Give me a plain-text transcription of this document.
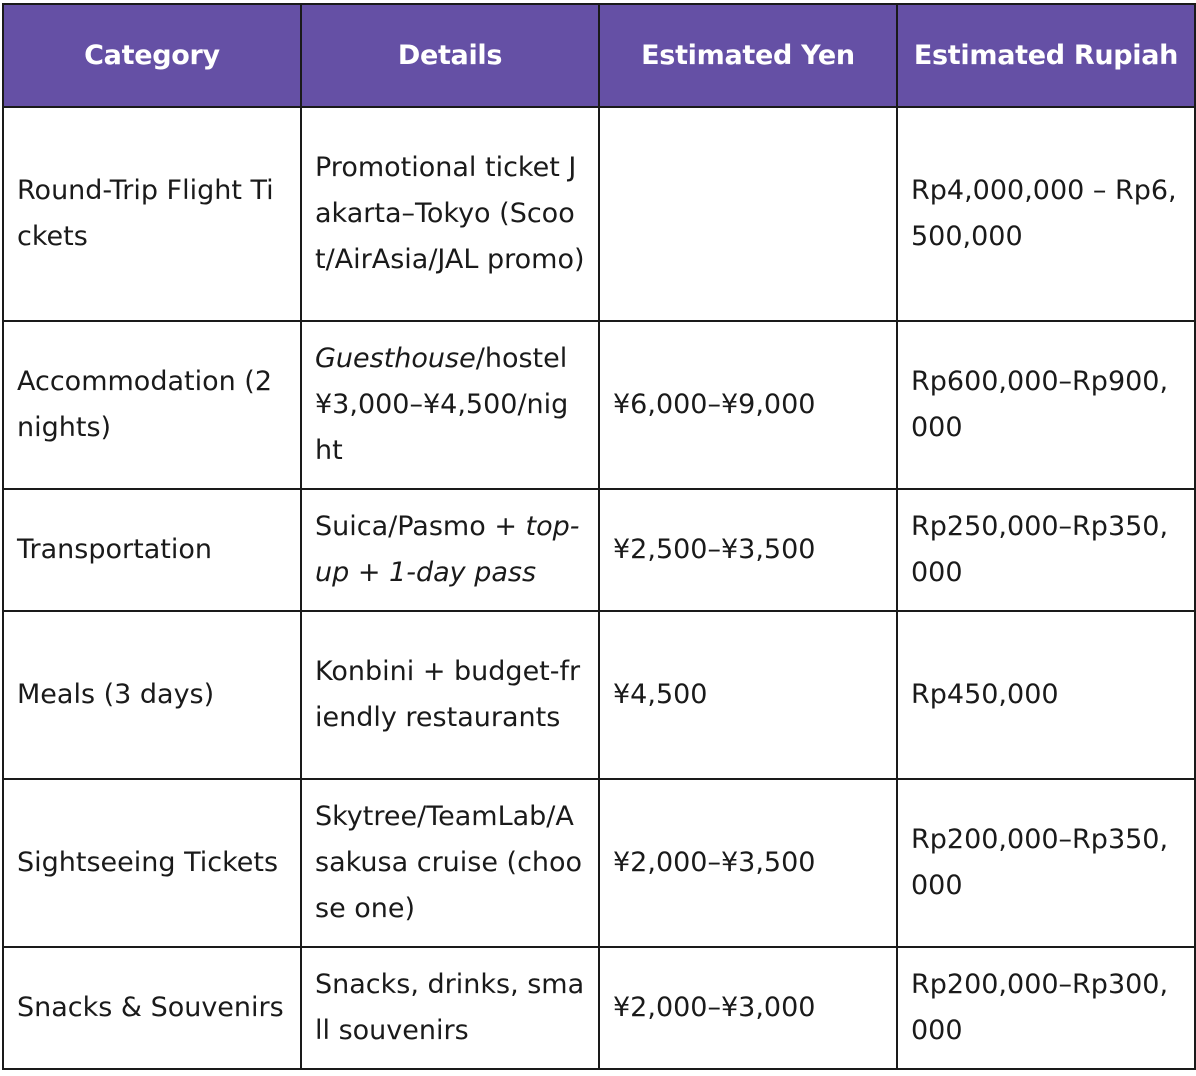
Category	Details	Estimated Yen	Estimated Rupiah
Round-Trip Flight Tickets	Promotional ticket Jakarta–Tokyo (Scoot/AirAsia/JAL promo)		Rp4,000,000 – Rp6,500,000
Accommodation (2 nights)	Guesthouse/hostel ¥3,000–¥4,500/night	¥6,000–¥9,000	Rp600,000–Rp900,000
Transportation	Suica/Pasmo + top-up + 1-day pass	¥2,500–¥3,500	Rp250,000–Rp350,000
Meals (3 days)	Konbini + budget-friendly restaurants	¥4,500	Rp450,000
Sightseeing Tickets	Skytree/TeamLab/Asakusa cruise (choose one)	¥2,000–¥3,500	Rp200,000–Rp350,000
Snacks & Souvenirs	Snacks, drinks, small souvenirs	¥2,000–¥3,000	Rp200,000–Rp300,000
